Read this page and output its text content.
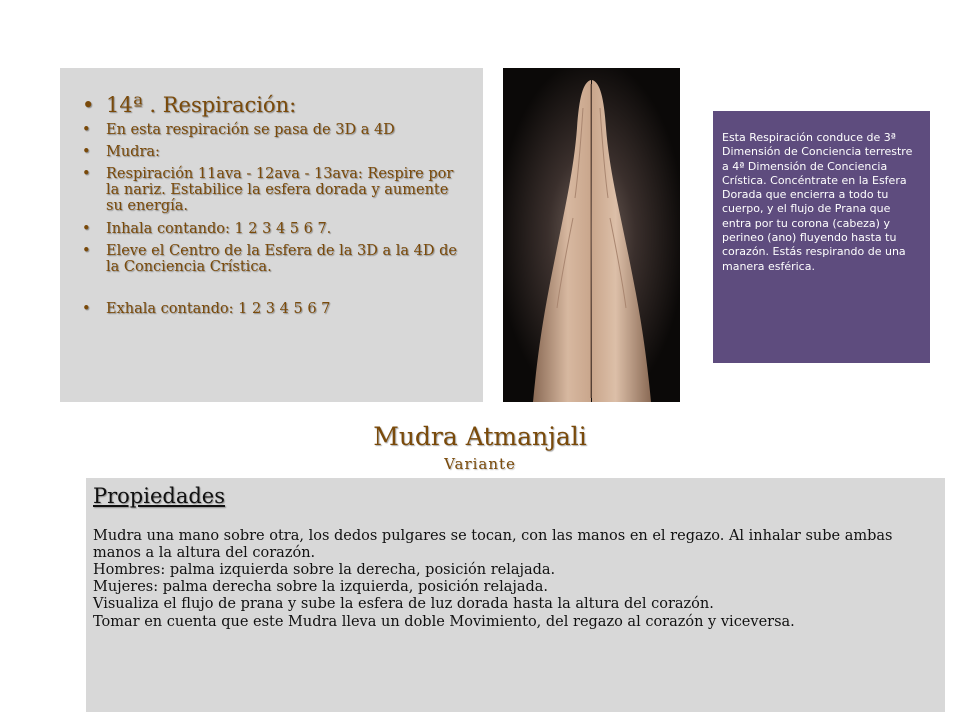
• 14ª . Respiración:
• En esta respiración se pasa de 3D a 4D
• Mudra:
• Respiración 11ava - 12ava - 13ava: Respire por la nariz. Estabilice la esfera dorada y aumente su energía.
• Inhala contando: 1 2 3 4 5 6 7.
• Eleve el Centro de la Esfera de la 3D a la 4D de la Conciencia Crística.
• Exhala contando: 1 2 3 4 5 6 7
Esta Respiración conduce de 3ª Dimensión de Conciencia terrestre a 4ª Dimensión de Conciencia Crística. Concéntrate en la Esfera Dorada que encierra a todo tu cuerpo, y el flujo de Prana que entra por tu corona (cabeza) y perineo (ano) fluyendo hasta tu corazón. Estás respirando de una manera esférica.
Mudra Atmanjali
Variante
Propiedades

Mudra una mano sobre otra, los dedos pulgares se tocan, con las manos en el regazo. Al inhalar sube ambas manos a la altura del corazón.

Hombres: palma izquierda sobre la derecha, posición relajada.

Mujeres: palma derecha sobre la izquierda, posición relajada.

Visualiza el flujo de prana y sube la esfera de luz dorada hasta la altura del corazón.

Tomar en cuenta que este Mudra lleva un doble Movimiento, del regazo al corazón y viceversa.
